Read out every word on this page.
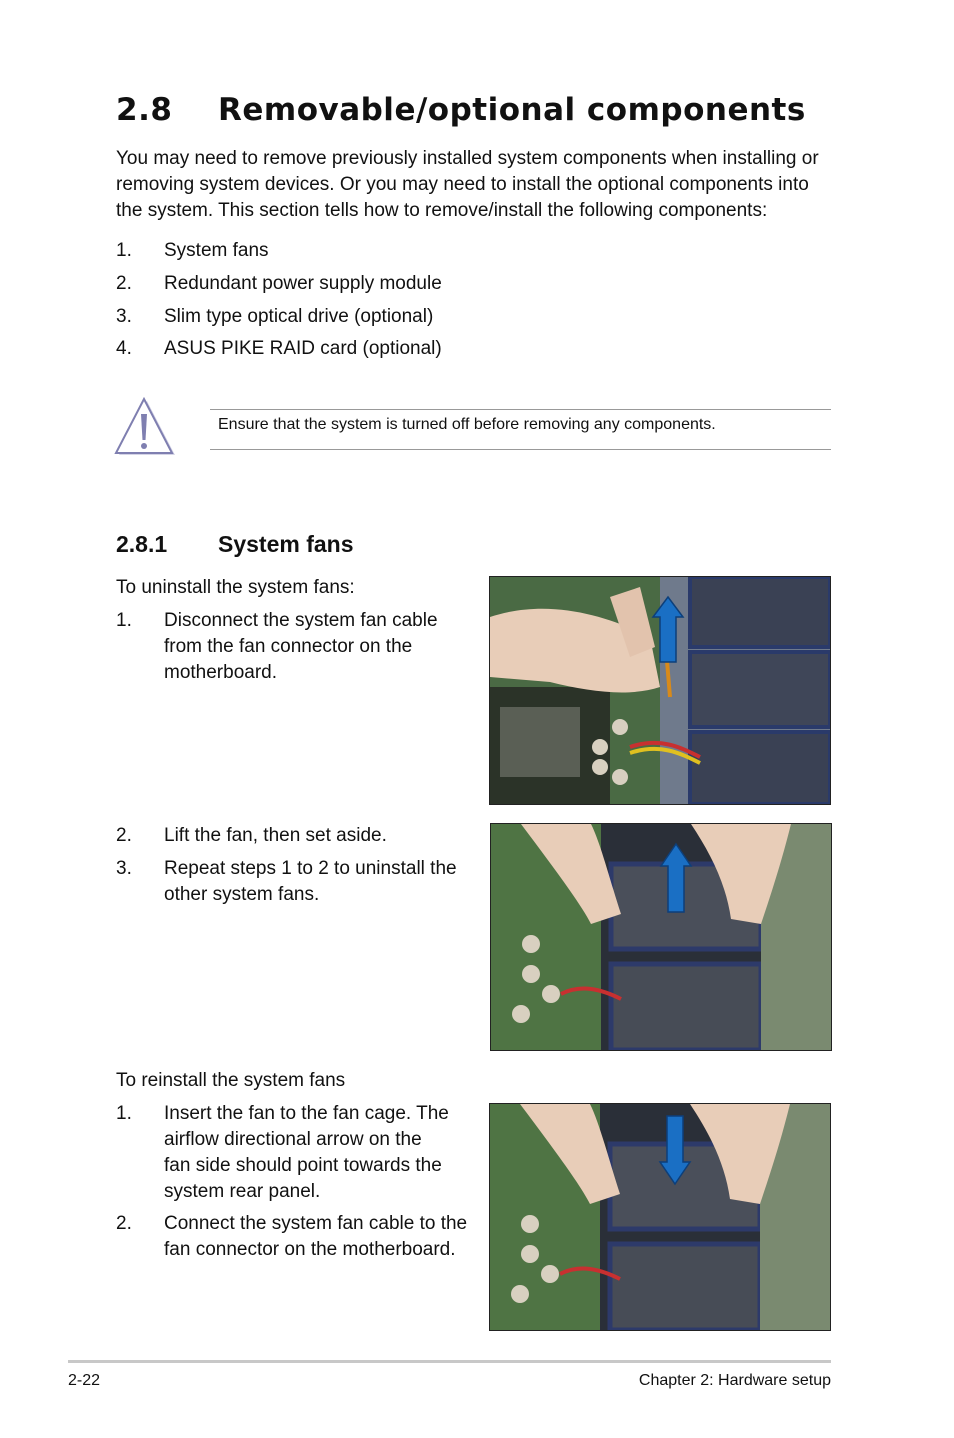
2.8 Removable/optional components
You may need to remove previously installed system components when installing or removing system devices. Or you may need to install the optional components into the system. This section tells how to remove/install the following components:
1. System fans
2. Redundant power supply module
3. Slim type optical drive (optional)
4. ASUS PIKE RAID card (optional)
Ensure that the system is turned off before removing any components.
2.8.1 System fans
To uninstall the system fans:
1. Disconnect the system fan cable
from the fan connector on the
motherboard.
2. Lift the fan, then set aside.
3. Repeat steps 1 to 2 to uninstall the
other system fans.
To reinstall the system fans
1. Insert the fan to the fan cage. The
airflow directional arrow on the
fan side should point towards the
system rear panel.
2. Connect the system fan cable to the
fan connector on the motherboard.
2-22	Chapter 2: Hardware setup
